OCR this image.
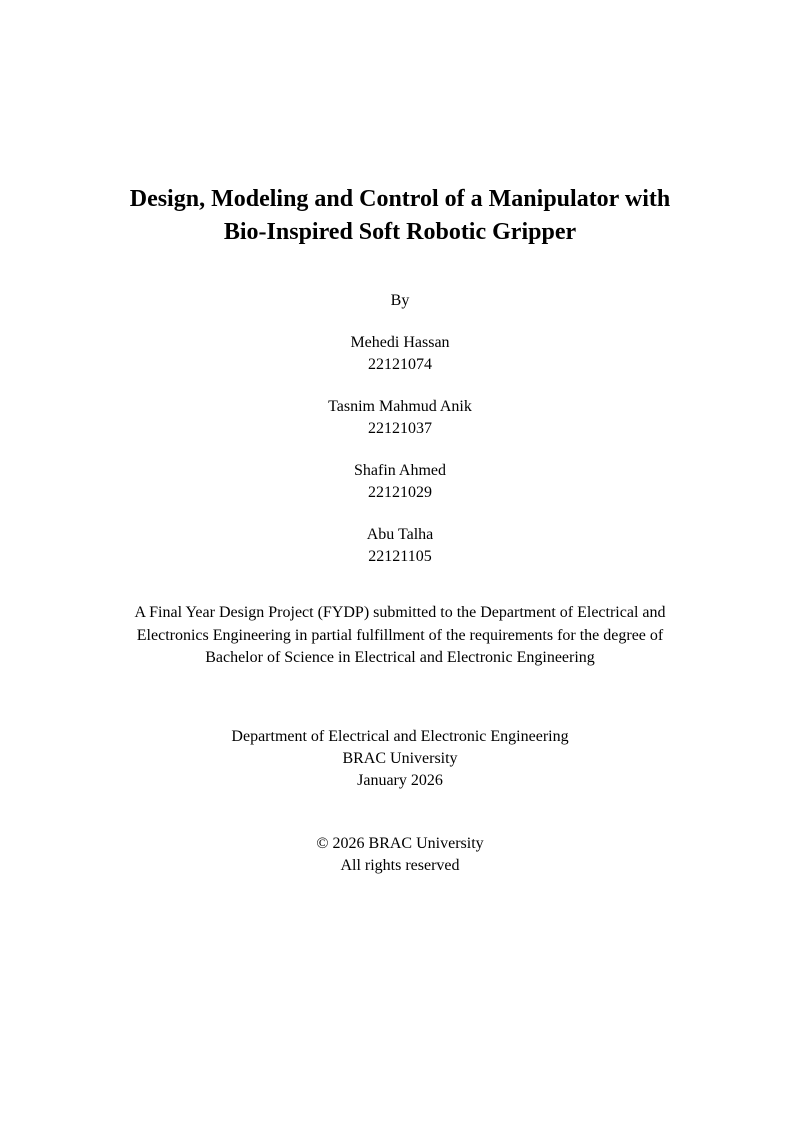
Design, Modeling and Control of a Manipulator with
Bio-Inspired Soft Robotic Gripper
By
Mehedi Hassan
22121074
Tasnim Mahmud Anik
22121037
Shafin Ahmed
22121029
Abu Talha
22121105
A Final Year Design Project (FYDP) submitted to the Department of Electrical and
Electronics Engineering in partial fulfillment of the requirements for the degree of
Bachelor of Science in Electrical and Electronic Engineering
Department of Electrical and Electronic Engineering
BRAC University
January 2026
© 2026 BRAC University
All rights reserved
